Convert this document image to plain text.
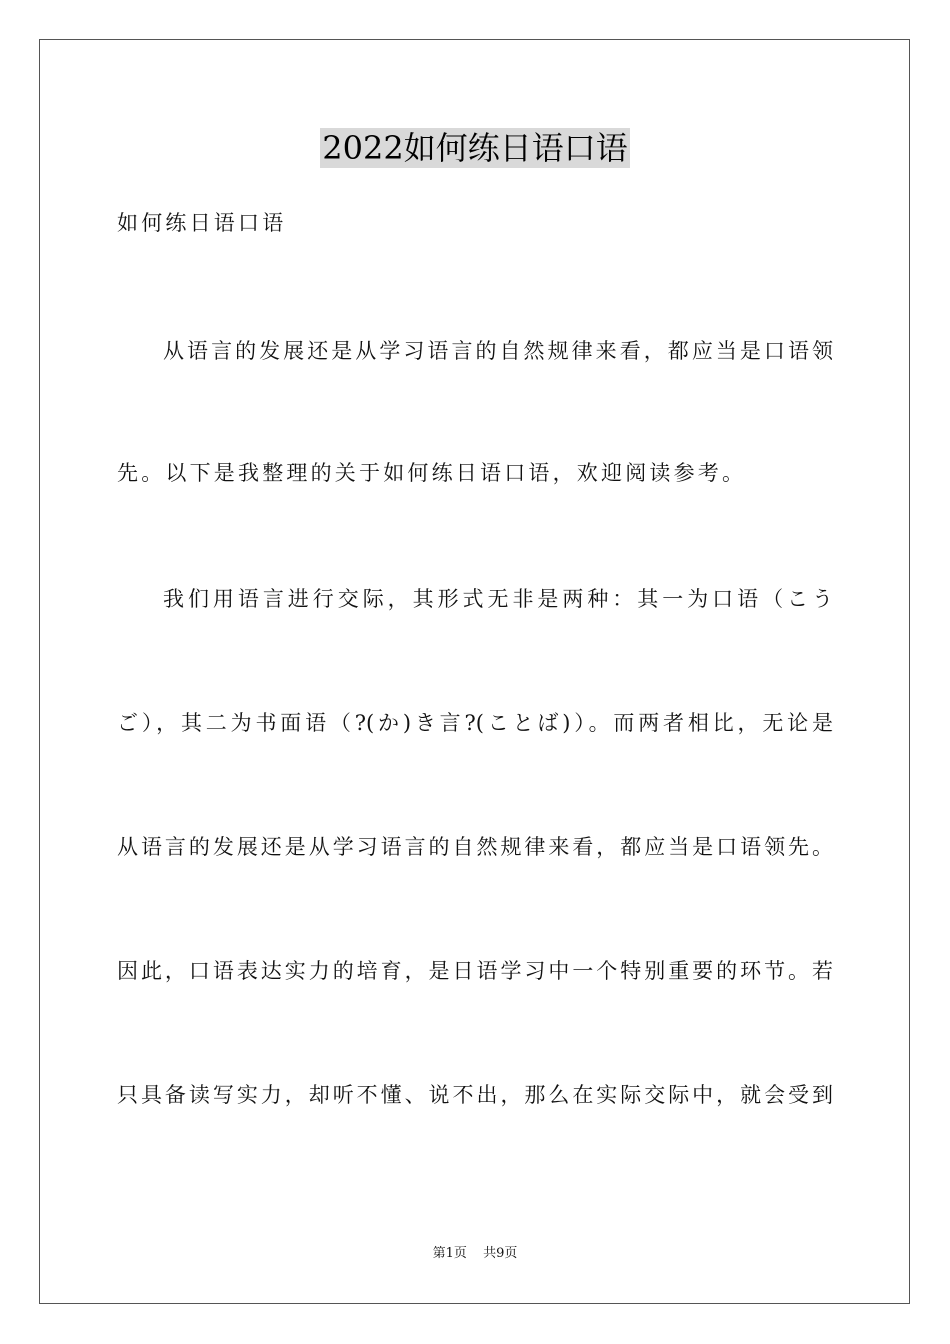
2022如何练日语口语
如何练日语口语
从语言的发展还是从学习语言的自然规律来看，都应当是口语领
先。以下是我整理的关于如何练日语口语，欢迎阅读参考。
我们用语言进行交际，其形式无非是两种：其一为口语（こう
ご），其二为书面语（?(か)き言?(ことば)）。而两者相比，无论是
从语言的发展还是从学习语言的自然规律来看，都应当是口语领先。
因此，口语表达实力的培育，是日语学习中一个特别重要的环节。若
只具备读写实力，却听不懂、说不出，那么在实际交际中，就会受到
第1页 共9页
